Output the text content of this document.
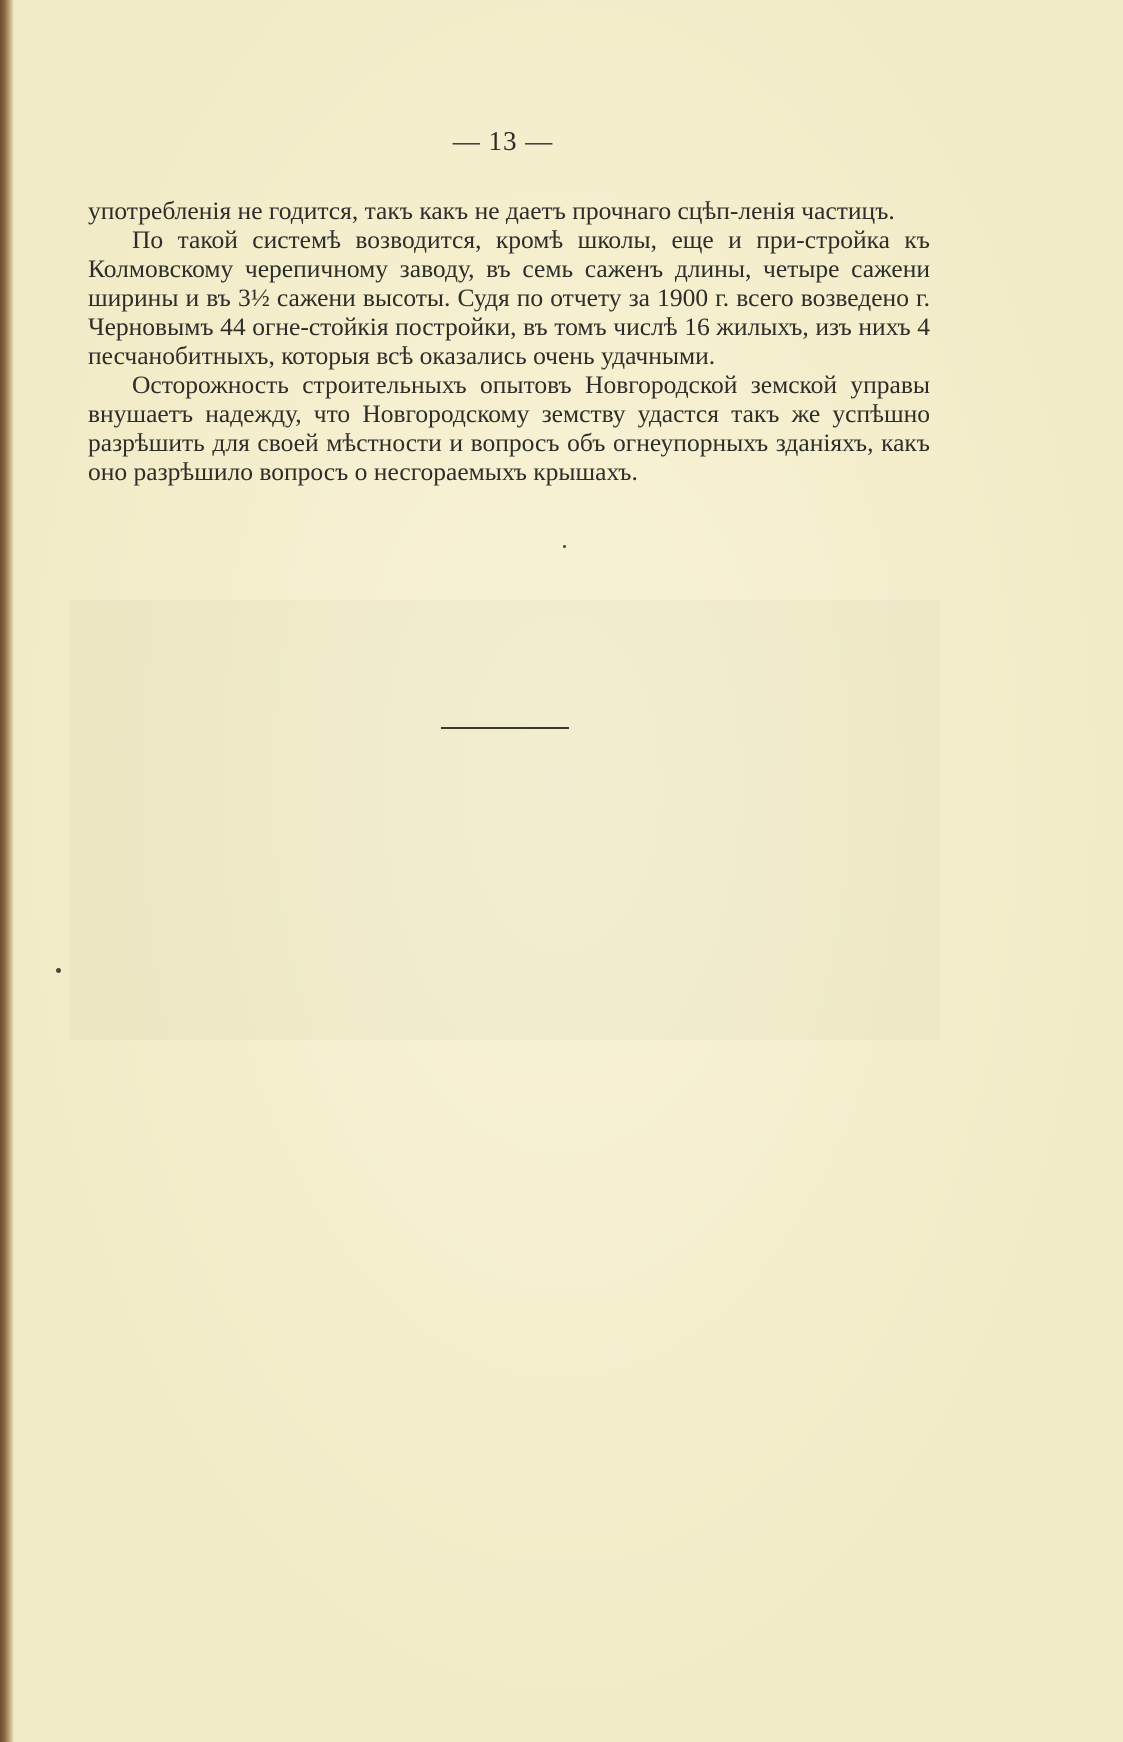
— 13 —

употребленія не годится, такъ какъ не даетъ прочнаго сцѣп-ленія частицъ.

По такой системѣ возводится, кромѣ школы, еще и при-стройка къ Колмовскому черепичному заводу, въ семь саженъ длины, четыре сажени ширины и въ 3½ сажени высоты. Судя по отчету за 1900 г. всего возведено г. Черновымъ 44 огне-стойкія постройки, въ томъ числѣ 16 жилыхъ, изъ нихъ 4 песчанобитныхъ, которыя всѣ оказались очень удачными.

Осторожность строительныхъ опытовъ Новгородской земской управы внушаетъ надежду, что Новгородскому земству удастся такъ же успѣшно разрѣшить для своей мѣстности и вопросъ объ огнеупорныхъ зданіяхъ, какъ оно разрѣшило вопросъ о несгораемыхъ крышахъ.
